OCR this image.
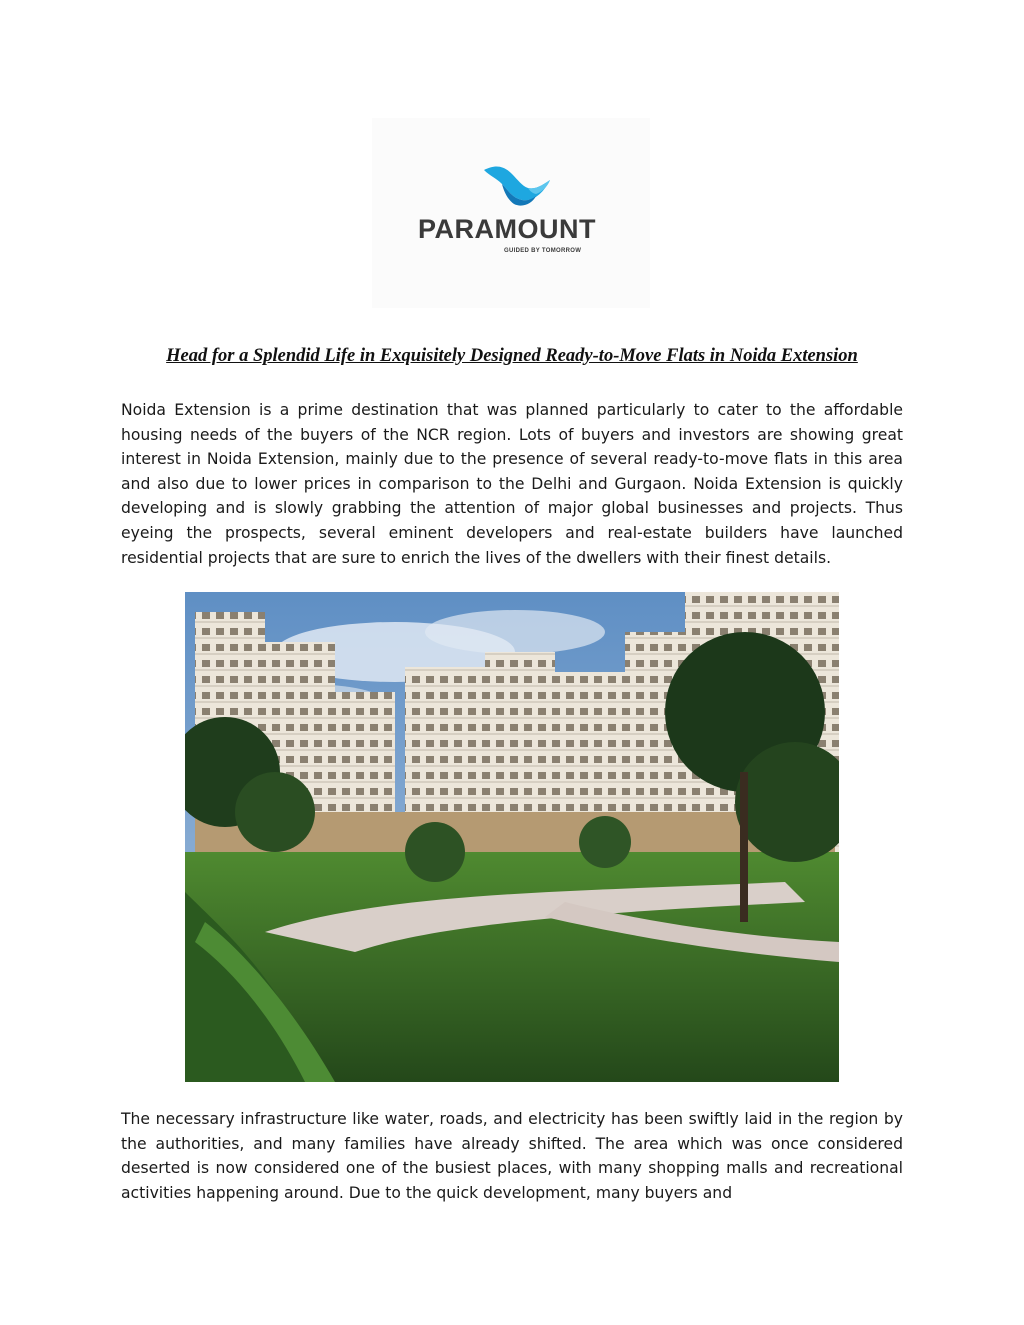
PARAMOUNT
GUIDED BY TOMORROW
Head for a Splendid Life in Exquisitely Designed Ready-to-Move Flats in Noida Extension

Noida Extension is a prime destination that was planned particularly to cater to the affordable housing needs of the buyers of the NCR region. Lots of buyers and investors are showing great interest in Noida Extension, mainly due to the presence of several ready-to-move flats in this area and also due to lower prices in comparison to the Delhi and Gurgaon. Noida Extension is quickly developing and is slowly grabbing the attention of major global businesses and projects. Thus eyeing the prospects, several eminent developers and real-estate builders have launched residential projects that are sure to enrich the lives of the dwellers with their finest details.

The necessary infrastructure like water, roads, and electricity has been swiftly laid in the region by the authorities, and many families have already shifted. The area which was once considered deserted is now considered one of the busiest places, with many shopping malls and recreational activities happening around. Due to the quick development, many buyers and
